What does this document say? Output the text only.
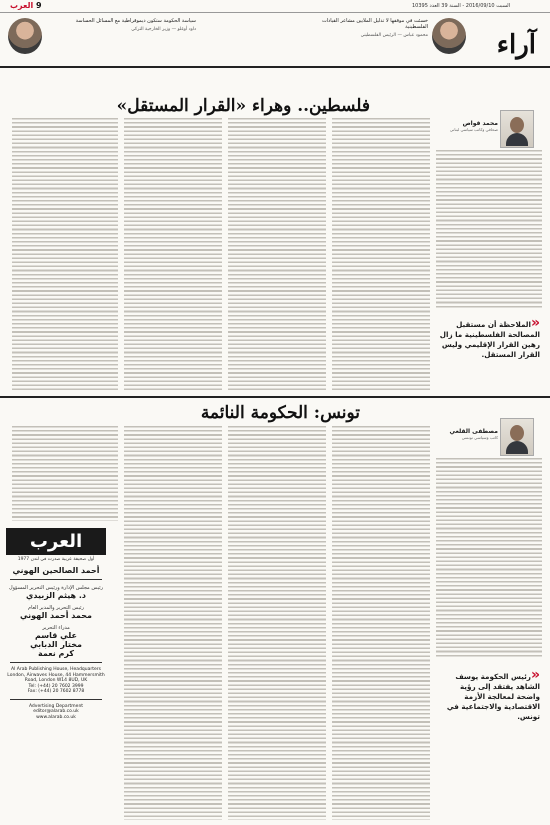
العرب 9	السبت 2016/09/10 - السنة 39 العدد 10395
آراء
خسئت في موقفها لا تدليل الملايين مشاعر القيادات الفلسطينية
محمود عباس — الرئيس الفلسطيني
سياسة الحكومة ستكون ديموقراطية مع المسائل الحساسة
داود أوغلو — وزير الخارجية التركي
فلسطين.. وهراء «القرار المستقل»
محمد قواص
صحافي وكاتب سياسي لبناني
«الملاحظة أن مستقبل المصالحة الفلسطينية ما زال رهين القرار الإقليمي وليس القرار المستقل.
تونس: الحكومة النائمة
مصطفى القلعي
كاتب وسياسي تونسي
«رئيس الحكومة يوسف الشاهد يفتقد إلى رؤية واضحة لمعالجة الأزمة الاقتصادية والاجتماعية في تونس.
العرب
أول صحيفة عربية صدرت في لندن 1977
أحمد الصالحين الهوني
رئيس مجلس الإدارة ورئيس التحرير المسؤول
د. هيثم الزبيدي
رئيس التحرير والمدير العام
محمد أحمد الهوني
مدراء التحرير
علي قاسم
مختار الدبابي
كرم نعمة
Al Arab Publishing House, Headquarters London, Airwaves House, 44 Hammersmith Road, London W14 8UD, UK
Tel: (+44) 20 7602 3999
Fax: (+44) 20 7602 8778
Advertising Department
editor@alarab.co.uk
www.alarab.co.uk
